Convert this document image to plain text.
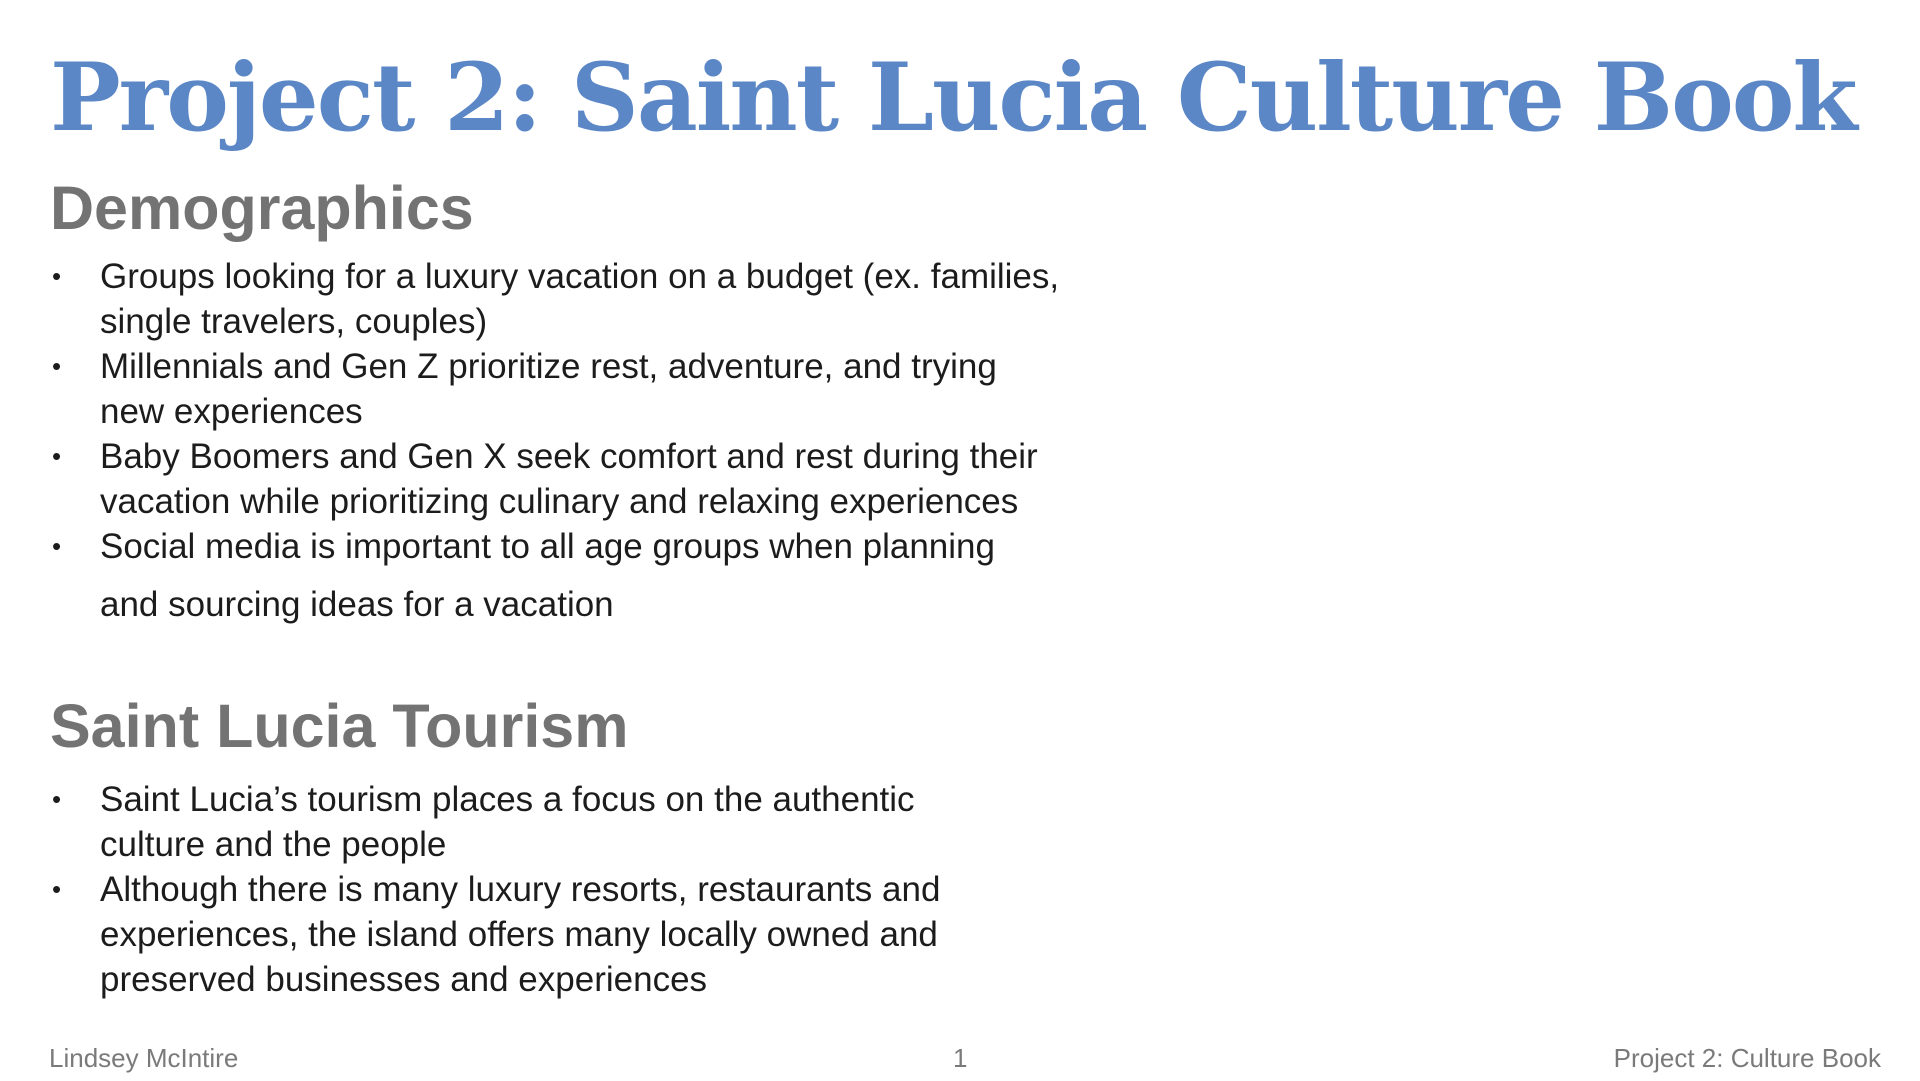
Project 2: Saint Lucia Culture Book
Demographics
• Groups looking for a luxury vacation on a budget (ex. families,
single travelers, couples)
• Millennials and Gen Z prioritize rest, adventure, and trying
new experiences
• Baby Boomers and Gen X seek comfort and rest during their
vacation while prioritizing culinary and relaxing experiences
• Social media is important to all age groups when planning
and sourcing ideas for a vacation
Saint Lucia Tourism
• Saint Lucia’s tourism places a focus on the authentic
culture and the people
• Although there is many luxury resorts, restaurants and
experiences, the island offers many locally owned and
preserved businesses and experiences
Lindsey McIntire	1	Project 2: Culture Book
